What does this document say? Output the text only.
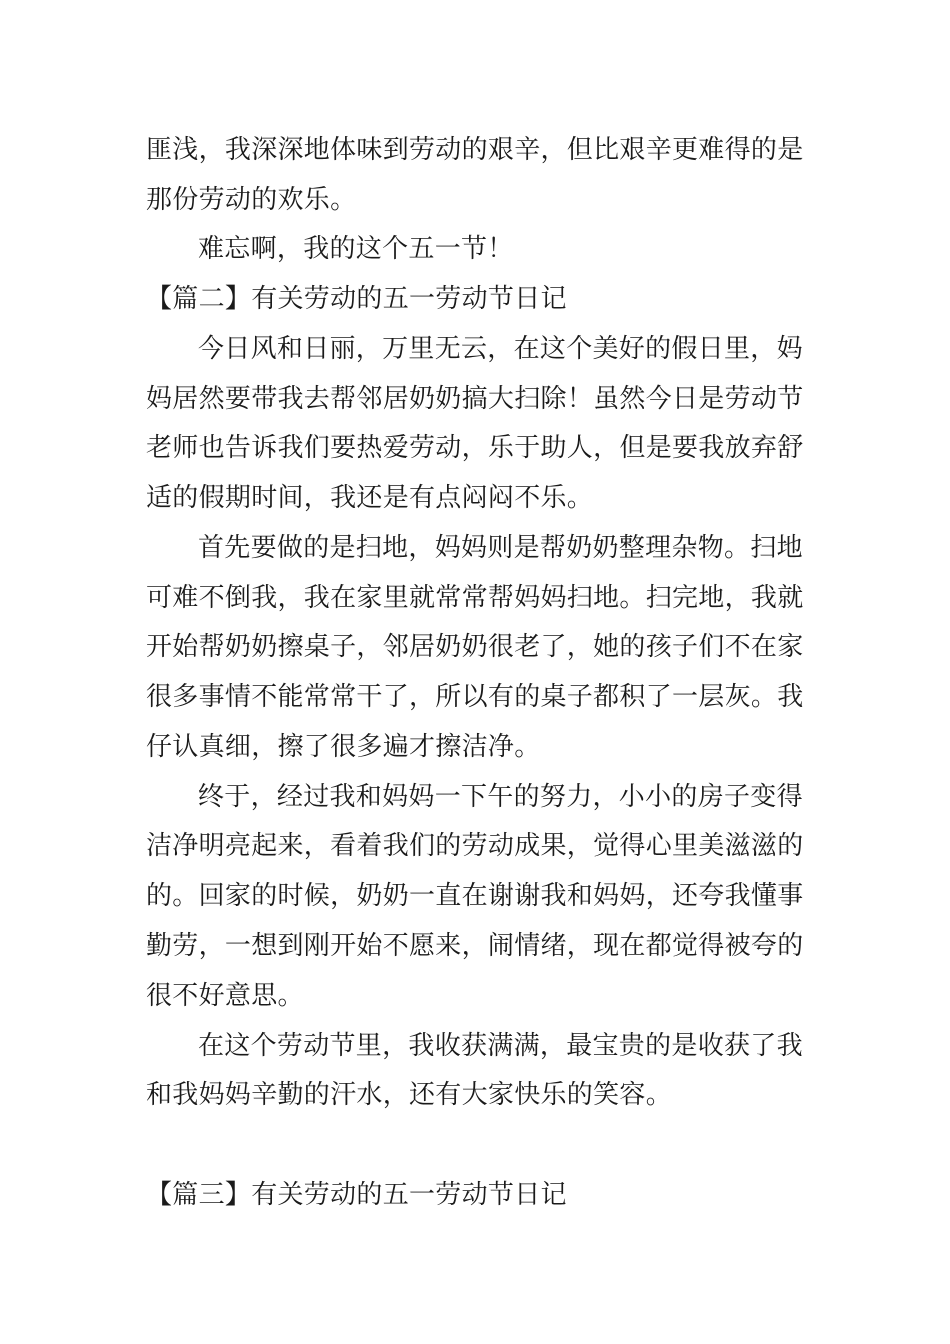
匪浅，我深深地体味到劳动的艰辛，但比艰辛更难得的是
那份劳动的欢乐。
难忘啊，我的这个五一节！
【篇二】有关劳动的五一劳动节日记
今日风和日丽，万里无云，在这个美好的假日里，妈
妈居然要带我去帮邻居奶奶搞大扫除！虽然今日是劳动节
老师也告诉我们要热爱劳动，乐于助人，但是要我放弃舒
适的假期时间，我还是有点闷闷不乐。
首先要做的是扫地，妈妈则是帮奶奶整理杂物。扫地
可难不倒我，我在家里就常常帮妈妈扫地。扫完地，我就
开始帮奶奶擦桌子，邻居奶奶很老了，她的孩子们不在家
很多事情不能常常干了，所以有的桌子都积了一层灰。我
仔认真细，擦了很多遍才擦洁净。
终于，经过我和妈妈一下午的努力，小小的房子变得
洁净明亮起来，看着我们的劳动成果，觉得心里美滋滋的
的。回家的时候，奶奶一直在谢谢我和妈妈，还夸我懂事
勤劳，一想到刚开始不愿来，闹情绪，现在都觉得被夸的
很不好意思。
在这个劳动节里，我收获满满，最宝贵的是收获了我
和我妈妈辛勤的汗水，还有大家快乐的笑容。
【篇三】有关劳动的五一劳动节日记
